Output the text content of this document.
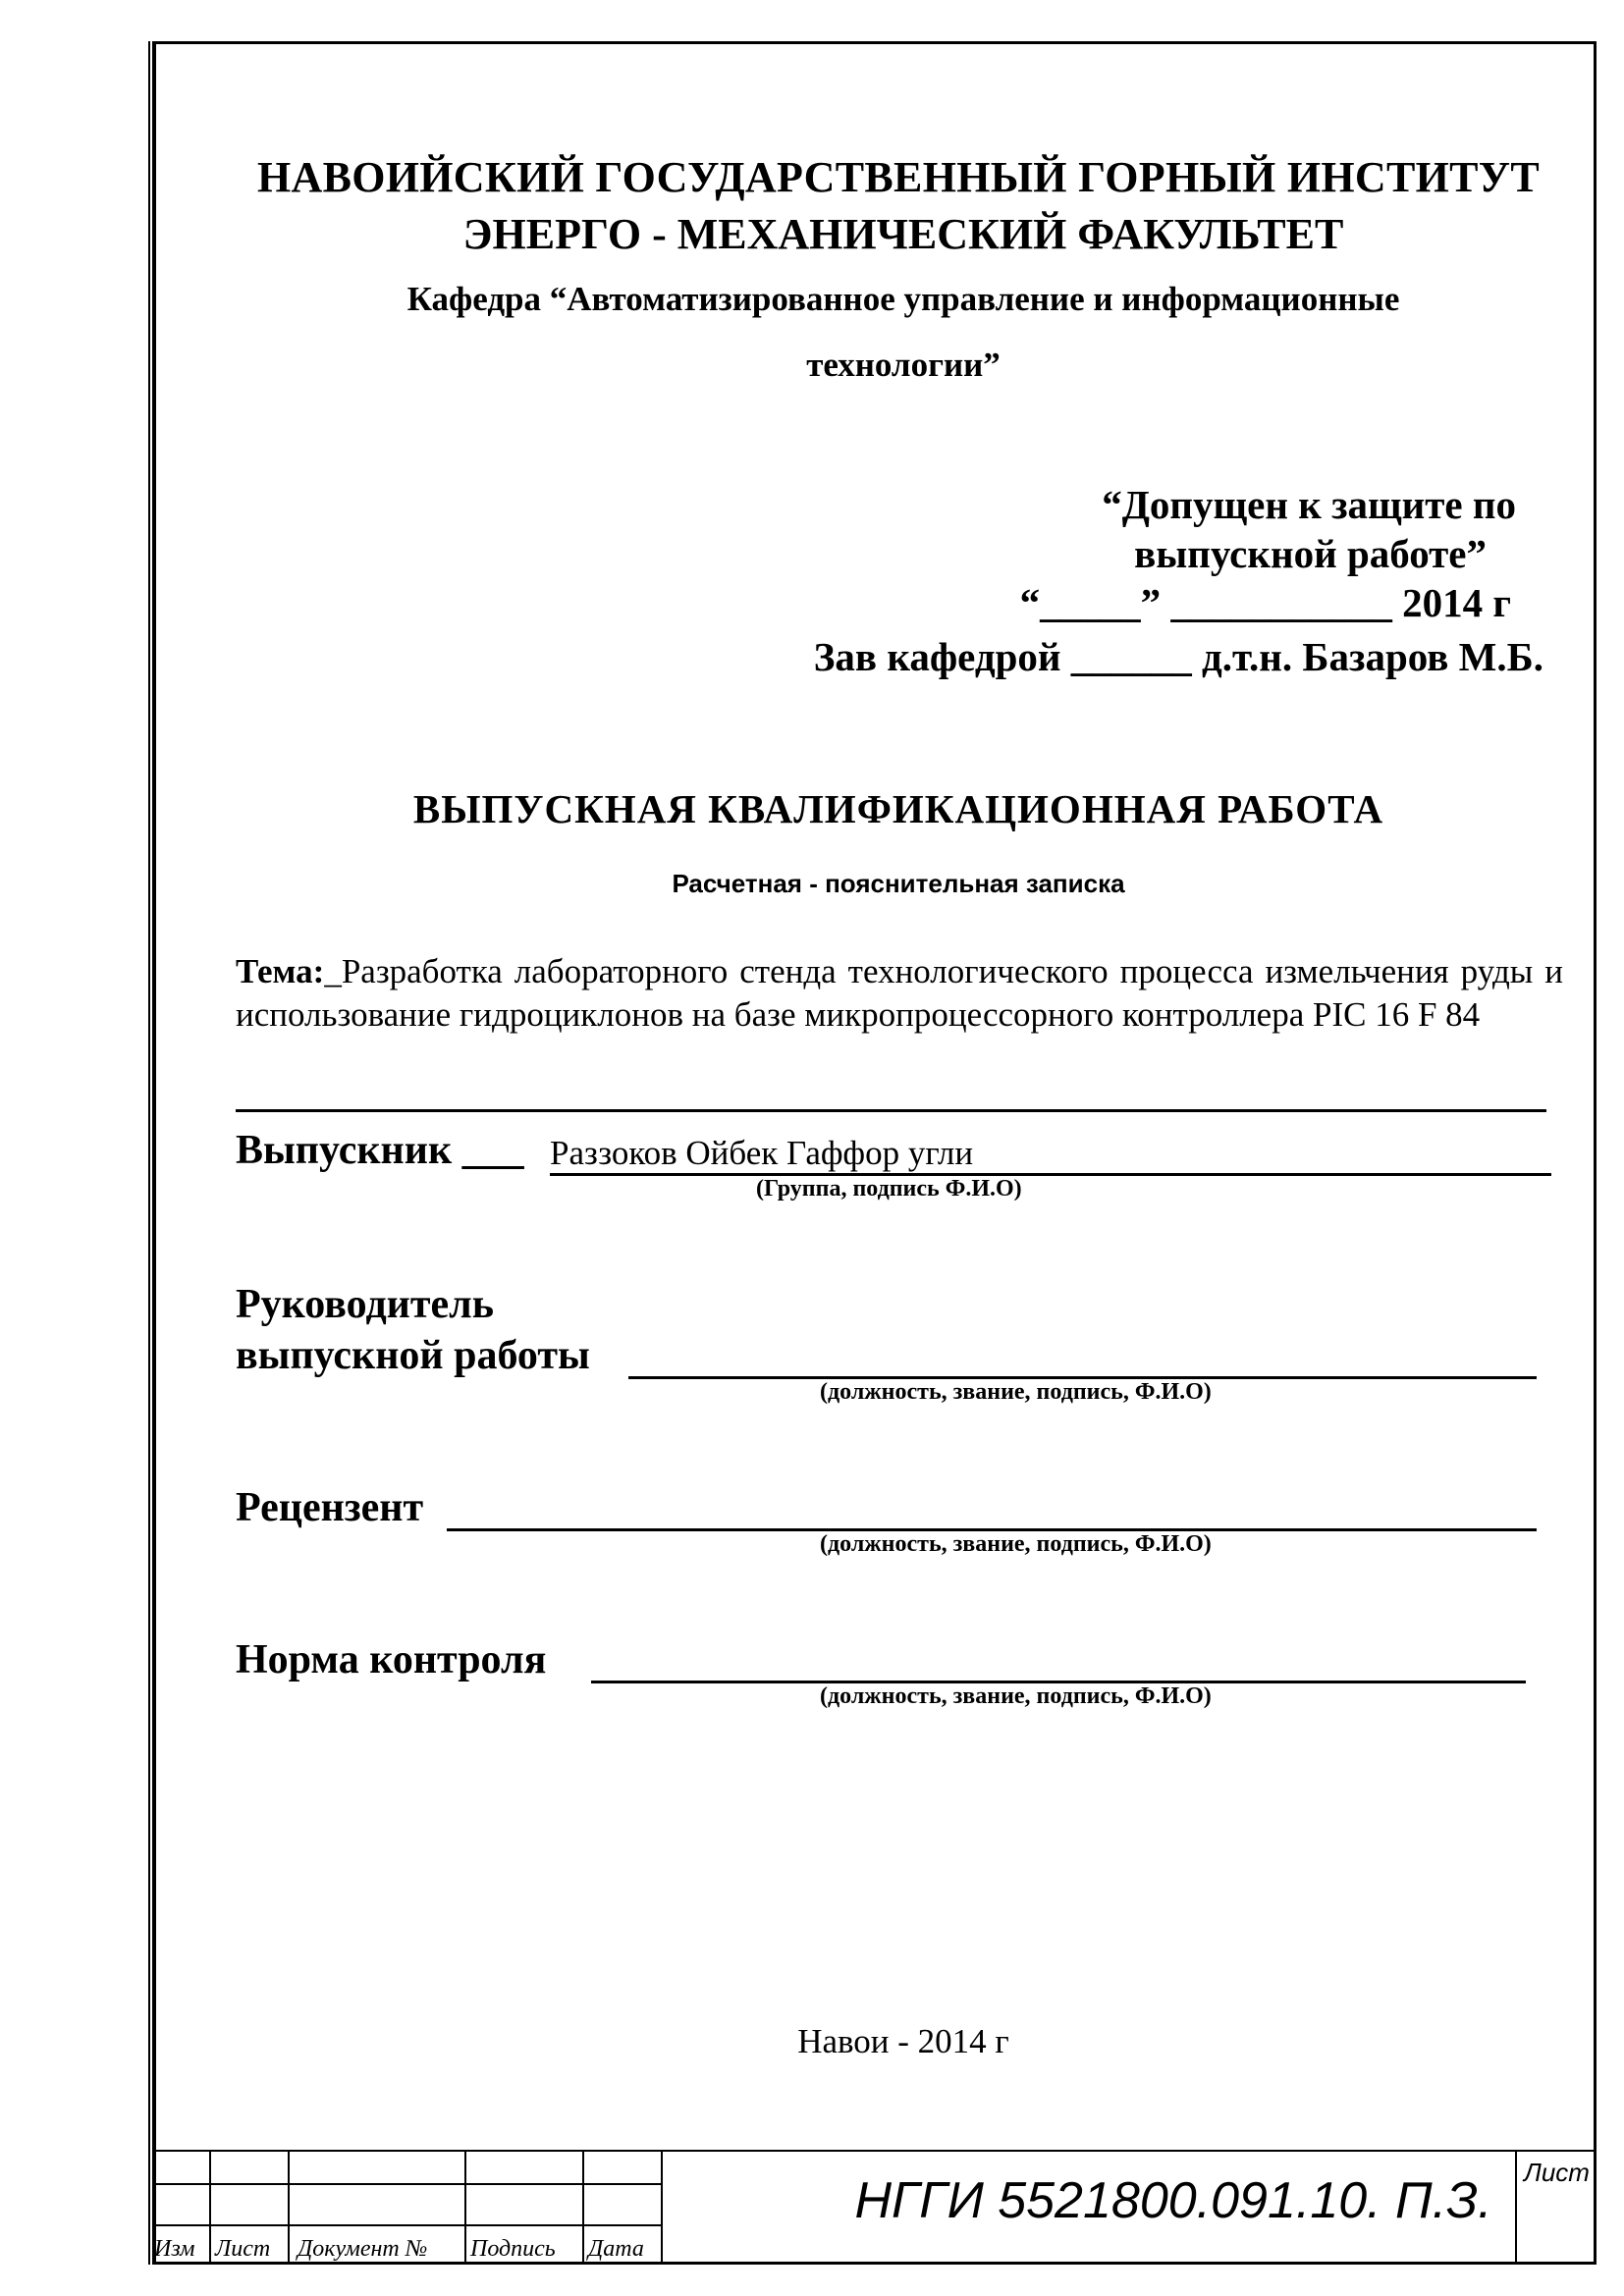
НАВОИЙСКИЙ ГОСУДАРСТВЕННЫЙ ГОРНЫЙ ИНСТИТУТ
ЭНЕРГО - МЕХАНИЧЕСКИЙ ФАКУЛЬТЕТ
Кафедра “Автоматизированное управление и информационные
технологии”
“Допущен к защите по
выпускной работе”
“_____” ___________ 2014 г
Зав кафедрой ______ д.т.н. Базаров М.Б.
ВЫПУСКНАЯ КВАЛИФИКАЦИОННАЯ РАБОТА
Расчетная - пояснительная записка
Тема:_Разработка лабораторного стенда технологического процесса измельчения руды и использование гидроциклонов на базе микропроцессорного контроллера PIC 16 F 84
Выпускник ___ Раззоков Ойбек Гаффор угли
(Группа, подпись Ф.И.О)
Руководитель
выпускной работы
(должность, звание, подпись, Ф.И.О)
Рецензент
(должность, звание, подпись, Ф.И.О)
Норма контроля
(должность, звание, подпись, Ф.И.О)
Навои - 2014 г
Изм Лист Документ № Подпись Дата
НГГИ 5521800.091.10. П.З.	Лист
